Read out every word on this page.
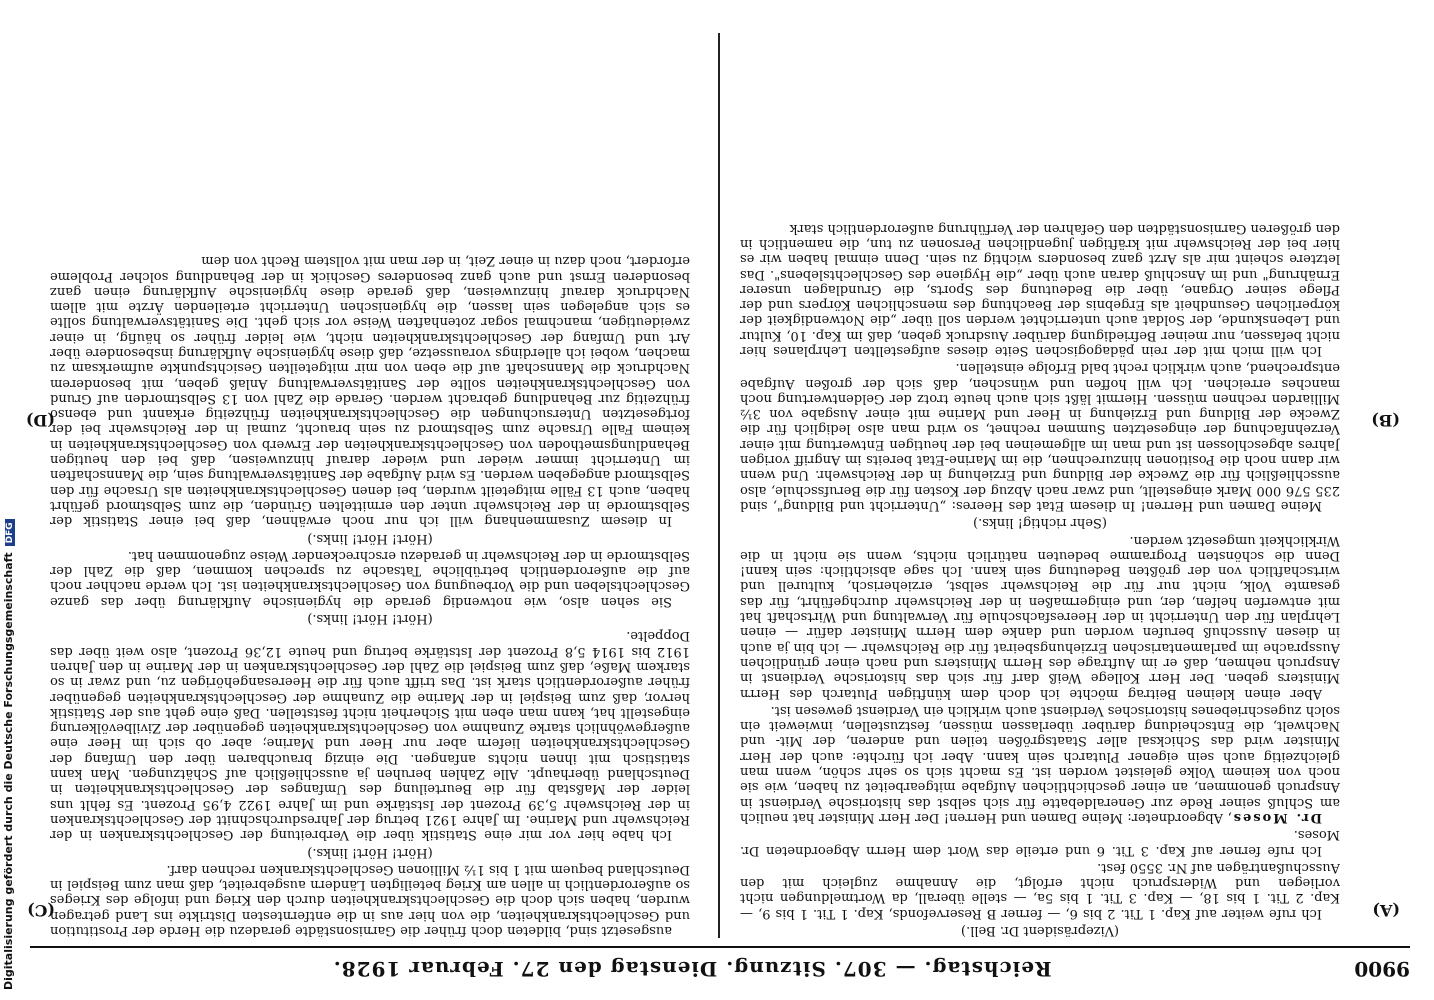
Digitalisierung gefördert durch die Deutsche ForschungsgemeinschaftDFG
9900
Reichstag. — 307. Sitzung. Dienstag den 27. Februar 1928.
(A)
(B)
(C)
(D)

(Vizepräsident Dr. Bell.)

Ich rufe weiter auf Kap. 1 Tit. 2 bis 6, — ferner B Reservefonds, Kap. 1 Tit. 1 bis 9, — Kap. 2 Tit. 1 bis 18, — Kap. 3 Tit. 1 bis 5a, — stelle überall, da Wortmeldungen nicht vorliegen und Widerspruch nicht erfolgt, die Annahme zugleich mit den Ausschußanträgen auf Nr. 3550 fest.

Ich rufe ferner auf Kap. 3 Tit. 6 und erteile das Wort dem Herrn Abgeordneten Dr. Moses.

Dr. Moses, Abgeordneter: Meine Damen und Herren! Der Herr Minister hat neulich am Schluß seiner Rede zur Generaldebatte für sich selbst das historische Verdienst in Anspruch genommen, an einer geschichtlichen Aufgabe mitgearbeitet zu haben, wie sie noch von keinem Volke geleistet worden ist. Es macht sich so sehr schön, wenn man gleichzeitig auch sein eigener Plutarch sein kann. Aber ich fürchte: auch der Herr Minister wird das Schicksal aller Staatsgrößen teilen und anderen, der Mit- und Nachwelt, die Entscheidung darüber überlassen müssen, festzustellen, inwieweit ein solch zugeschriebenes historisches Verdienst auch wirklich ein Verdienst gewesen ist.

Aber einen kleinen Beitrag möchte ich doch dem künftigen Plutarch des Herrn Ministers geben. Der Herr Kollege Weiß darf für sich das historische Verdienst in Anspruch nehmen, daß er im Auftrage des Herrn Ministers und nach einer gründlichen Aussprache im parlamentarischen Erziehungsbeirat für die Reichswehr — ich bin ja auch in diesen Ausschuß berufen worden und danke dem Herrn Minister dafür — einen Lehrplan für den Unterricht in der Heeresfachschule für Verwaltung und Wirtschaft hat mit entwerfen helfen, der, und einigermaßen in der Reichswehr durchgeführt, für das gesamte Volk, nicht nur für die Reichswehr selbst, erzieherisch, kulturell und wirtschaftlich von der größten Bedeutung sein kann. Ich sage absichtlich: sein kann! Denn die schönsten Programme bedeuten natürlich nichts, wenn sie nicht in die Wirklichkeit umgesetzt werden.

(Sehr richtig! links.)

Meine Damen und Herren! In diesem Etat des Heeres: „Unterricht und Bildung", sind 235 576 000 Mark eingestellt, und zwar nach Abzug der Kosten für die Berufsschule, also ausschließlich für die Zwecke der Bildung und Erziehung in der Reichswehr. Und wenn wir dann noch die Positionen hinzurechnen, die im Marine-Etat bereits im Angriff vorigen Jahres abgeschlossen ist und man im allgemeinen bei der heutigen Entwertung mit einer Verzehnfachung der eingesetzten Summen rechnet, so wird man also lediglich für die Zwecke der Bildung und Erziehung in Heer und Marine mit einer Ausgabe von 3½ Milliarden rechnen müssen. Hiermit läßt sich auch heute trotz der Geldentwertung noch manches erreichen. Ich will hoffen und wünschen, daß sich der großen Aufgabe entsprechend, auch wirklich recht bald Erfolge einstellen.

Ich will mich mit der rein pädagogischen Seite dieses aufgestellten Lehrplanes hier nicht befassen, nur meiner Befriedigung darüber Ausdruck geben, daß im Kap. 10, Kultur und Lebenskunde, der Soldat auch unterrichtet werden soll über „die Notwendigkeit der körperlichen Gesundheit als Ergebnis der Beachtung des menschlichen Körpers und der Pflege seiner Organe, über die Bedeutung des Sports, die Grundlagen unserer Ernährung" und im Anschluß daran auch über „die Hygiene des Geschlechtslebens". Das letztere scheint mir als Arzt ganz besonders wichtig zu sein. Denn einmal haben wir es hier bei der Reichswehr mit kräftigen jugendlichen Personen zu tun, die namentlich in den größeren Garnisonstädten den Gefahren der Verführung außerordentlich stark

ausgesetzt sind, bildeten doch früher die Garnisonstädte geradezu die Herde der Prostitution und Geschlechtskrankheiten, die von hier aus in die entferntesten Distrikte ins Land getragen wurden, haben sich doch die Geschlechtskrankheiten durch den Krieg und infolge des Krieges so außerordentlich in allen am Krieg beteiligten Ländern ausgebreitet, daß man zum Beispiel in Deutschland bequem mit 1 bis 1½ Millionen Geschlechtskranken rechnen darf.

(Hört! Hört! links.)

Ich habe hier vor mir eine Statistik über die Verbreitung der Geschlechtskranken in der Reichswehr und Marine. Im Jahre 1921 betrug der Jahresdurchschnitt der Geschlechtskranken in der Reichswehr 5,39 Prozent der Iststärke und im Jahre 1922 4,95 Prozent. Es fehlt uns leider der Maßstab für die Beurteilung des Umfanges der Geschlechtskrankheiten in Deutschland überhaupt. Alle Zahlen beruhen ja ausschließlich auf Schätzungen. Man kann statistisch mit ihnen nichts anfangen. Die einzig brauchbaren über den Umfang der Geschlechtskrankheiten liefern aber nur Heer und Marine; aber ob sich im Heer eine außergewöhnlich starke Zunahme von Geschlechtskrankheiten gegenüber der Zivilbevölkerung eingestellt hat, kann man eben mit Sicherheit nicht feststellen. Daß eine geht aus der Statistik hervor, daß zum Beispiel in der Marine die Zunahme der Geschlechtskrankheiten gegenüber früher außerordentlich stark ist. Das trifft auch für die Heeresangehörigen zu, und zwar in so starkem Maße, daß zum Beispiel die Zahl der Geschlechtskranken in der Marine in den Jahren 1912 bis 1914 5,8 Prozent der Iststärke betrug und heute 12,36 Prozent, also weit über das Doppelte.

(Hört! Hört! links.)

Sie sehen also, wie notwendig gerade die hygienische Aufklärung über das ganze Geschlechtsleben und die Vorbeugung von Geschlechtskrankheiten ist. Ich werde nachher noch auf die außerordentlich betrübliche Tatsache zu sprechen kommen, daß die Zahl der Selbstmorde in der Reichswehr in geradezu erschreckender Weise zugenommen hat.

(Hört! Hört! links.)

In diesem Zusammenhang will ich nur noch erwähnen, daß bei einer Statistik der Selbstmorde in der Reichswehr unter den ermittelten Gründen, die zum Selbstmord geführt haben, auch 13 Fälle mitgeteilt wurden, bei denen Geschlechtskrankheiten als Ursache für den Selbstmord angegeben werden. Es wird Aufgabe der Sanitätsverwaltung sein, die Mannschaften im Unterricht immer wieder und wieder darauf hinzuweisen, daß bei den heutigen Behandlungsmethoden von Geschlechtskrankheiten der Erwerb von Geschlechtskrankheiten in keinem Falle Ursache zum Selbstmord zu sein braucht, zumal in der Reichswehr bei der fortgesetzten Untersuchungen die Geschlechtskrankheiten frühzeitig erkannt und ebenso frühzeitig zur Behandlung gebracht werden. Gerade die Zahl von 13 Selbstmorden auf Grund von Geschlechtskrankheiten sollte der Sanitätsverwaltung Anlaß geben, mit besonderem Nachdruck die Mannschaft auf die eben von mir mitgeteilten Gesichtspunkte aufmerksam zu machen, wobei ich allerdings voraussetze, daß diese hygienische Aufklärung insbesondere über Art und Umfang der Geschlechtskrankheiten nicht, wie leider früher so häufig, in einer zweideutigen, manchmal sogar zotenhaften Weise vor sich geht. Die Sanitätsverwaltung sollte es sich angelegen sein lassen, die hygienischen Unterricht erteilenden Ärzte mit allem Nachdruck darauf hinzuweisen, daß gerade diese hygienische Aufklärung einen ganz besonderen Ernst und auch ganz besonderes Geschick in der Behandlung solcher Probleme erfordert, noch dazu in einer Zeit, in der man mit vollstem Recht von dem
